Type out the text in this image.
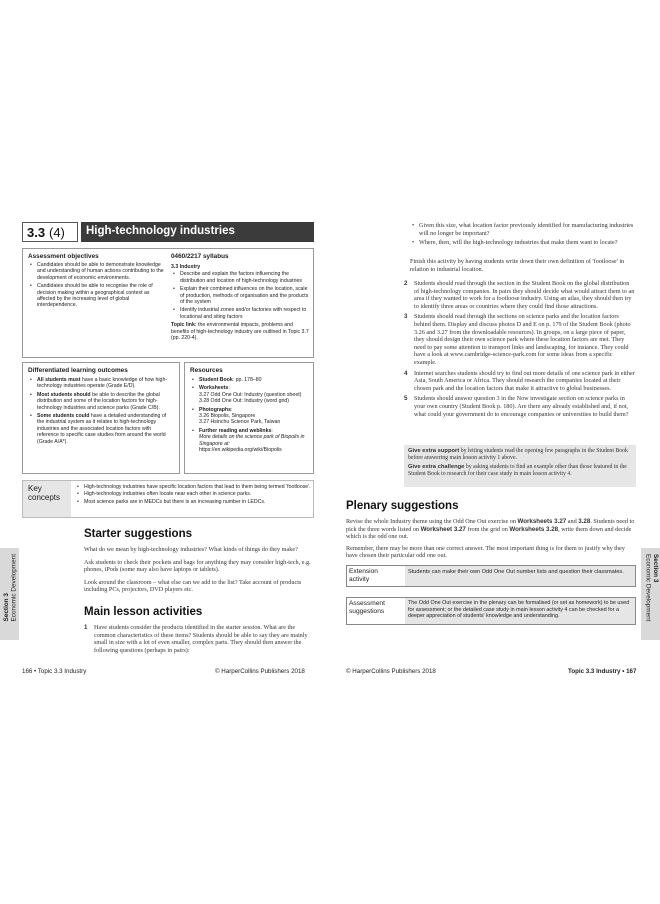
3.3 (4) High-technology industries
Assessment objectives
• Candidates should be able to demonstrate knowledge and understanding of human actions contributing to the development of economic environments.
• Candidates should be able to recognise the role of decision making within a geographical context as affected by the increasing level of global interdependence.
0460/2217 syllabus
3.3 Industry
• Describe and explain the factors influencing the distribution and location of high-technology industries
• Explain their combined influences on the location, scale of production, methods of organisation and the products of the system
• Identify industrial zones and/or factories with respect to locational and siting factors
Topic link: the environmental impacts, problems and benefits of high-technology industry are outlined in Topic 3.7 (pp. 220-4).
Differentiated learning outcomes
• All students must have a basic knowledge of how high-technology industries operate (Grade E/D).
• Most students should be able to describe the global distribution and some of the location factors for high-technology industries and science parks (Grade C/B).
• Some students could have a detailed understanding of the industrial system as it relates to high-technology industries and the associated location factors with reference to specific case studies from around the world (Grade A/A*).
Resources
• Student Book: pp. 178–80
• Worksheets:
3.27 Odd One Out: Industry (question sheet)
3.28 Odd One Out: Industry (word grid)
• Photographs:
3.26 Biopolis, Singapore
3.27 Hsinchu Science Park, Taiwan
• Further reading and weblinks:
More details on the science park of Biopolis in Singapore at:
https://en.wikipedia.org/wiki/Biopolis
Key concepts
• High-technology industries have specific location factors that lead to them being termed 'footloose'.
• High-technology industries often locate near each other in science parks.
• Most science parks are in MEDCs but there is an increasing number in LEDCs.
Starter suggestions

What do we mean by high-technology industries? What kinds of things do they make?

Ask students to check their pockets and bags for anything they may consider high-tech, e.g. phones, iPods (some may also have laptops or tablets).

Look around the classroom – what else can we add to the list? Take account of products including PCs, projectors, DVD players etc.

Main lesson activities
1 Have students consider the products identified in the starter session. What are the common characteristics of these items? Students should be able to say they are mainly small in size with a lot of even smaller, complex parts. They should then answer the following questions (perhaps in pairs):
Section 3
Economic Development
166 • Topic 3.3 Industry	© HarperCollins Publishers 2018
• Given this size, what location factor previously identified for manufacturing industries will no longer be important?
• Where, then, will the high-technology industries that make them want to locate?
Finish this activity by having students write down their own definition of 'footloose' in relation to industrial location.
2 Students should read through the section in the Student Book on the global distribution of high-technology companies. In pairs they should decide what would attract them to an area if they wanted to work for a footloose industry. Using an atlas, they should then try to identify three areas or countries where they could find those attractions.
3 Students should read through the sections on science parks and the location factors behind them. Display and discuss photos D and E on p. 179 of the Student Book (photo 3.26 and 3.27 from the downloadable resources). In groups, on a large piece of paper, they should design their own science park where these location factors are met. They need to pay some attention to transport links and landscaping, for instance. They could have a look at www.cambridge-science-park.com for some ideas from a specific example.
4 Internet searches students should try to find out more details of one science park in either Asia, South America or Africa. They should research the companies located at their chosen park and the location factors that make it attractive to global businesses.
5 Students should answer question 3 in the Now investigate section on science parks in your own country (Student Book p. 180). Are there any already established and, if not, what could your government do to encourage companies or universities to build them?
Give extra support by letting students read the opening few paragraphs in the Student Book before answering main lesson activity 1 above.
Give extra challenge by asking students to find an example other than those featured in the Student Book to research for their case study in main lesson activity 4.
Plenary suggestions

Revise the whole Industry theme using the Odd One Out exercise on Worksheets 3.27 and 3.28. Students need to pick the three words listed on Worksheet 3.27 from the grid on Worksheets 3.28, write them down and decide which is the odd one out.

Remember, there may be more than one correct answer. The most important thing is for them to justify why they have chosen their particular odd one out.

Extension activity
Students can make their own Odd One Out number lists and question their classmates.
Assessment suggestions
The Odd One Out exercise in the plenary can be formalised (or set as homework) to be used for assessment; or the detailed case study in main lesson activity 4 can be checked for a deeper appreciation of students' knowledge and understanding.
Section 3
Economic Development
© HarperCollins Publishers 2018	Topic 3.3 Industry • 167
